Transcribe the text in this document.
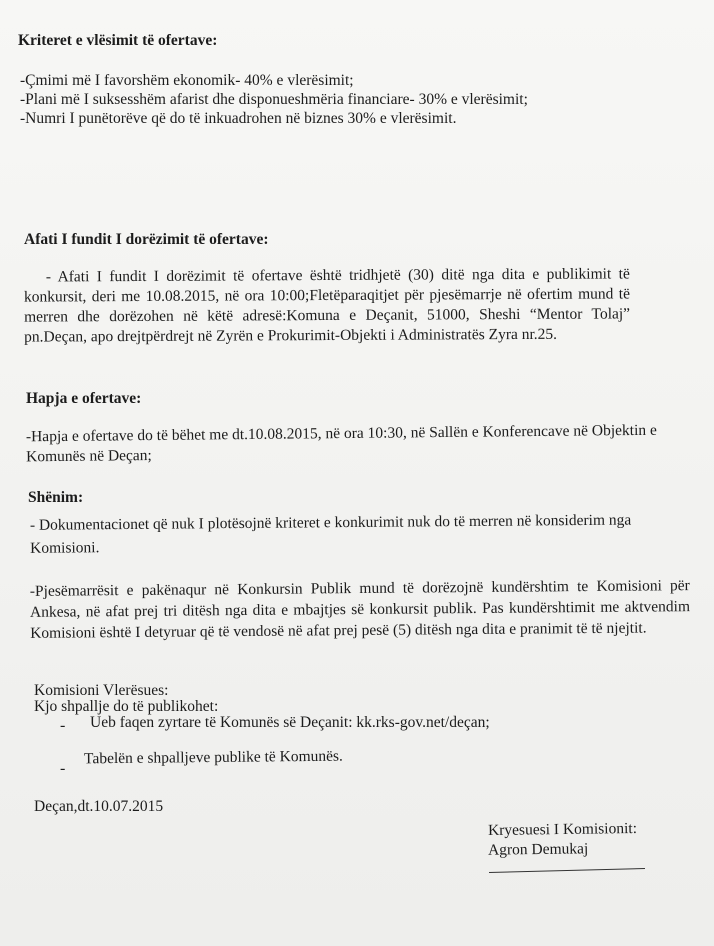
Kriteret e vlësimit të ofertave:
-Çmimi më I favorshëm ekonomik- 40% e vlerësimit;
-Plani më I suksesshëm afarist dhe disponueshmëria financiare- 30% e vlerësimit;
-Numri I punëtorëve që do të inkuadrohen në biznes 30% e vlerësimit.
Afati I fundit I dorëzimit të ofertave:
- Afati I fundit I dorëzimit të ofertave është tridhjetë (30) ditë nga dita e publikimit të konkursit, deri me 10.08.2015, në ora 10:00;Fletëparaqitjet për pjesëmarrje në ofertim mund të merren dhe dorëzohen në këtë adresë:Komuna e Deçanit, 51000, Sheshi “Mentor Tolaj” pn.Deçan, apo drejtpërdrejt në Zyrën e Prokurimit-Objekti i Administratës Zyra nr.25.
Hapja e ofertave:
-Hapja e ofertave do të bëhet me dt.10.08.2015, në ora 10:30, në Sallën e Konferencave në Objektin e Komunës në Deçan;
Shënim:
- Dokumentacionet që nuk I plotësojnë kriteret e konkurimit nuk do të merren në konsiderim nga Komisioni.
-Pjesëmarrësit e pakënaqur në Konkursin Publik mund të dorëzojnë kundërshtim te Komisioni për Ankesa, në afat prej tri ditësh nga dita e mbajtjes së konkursit publik. Pas kundërshtimit me aktvendim Komisioni është I detyruar që të vendosë në afat prej pesë (5) ditësh nga dita e pranimit të të njejtit.
Komisioni Vlerësues:
Kjo shpallje do të publikohet:
- Ueb faqen zyrtare të Komunës së Deçanit: kk.rks-gov.net/deçan;
-
Tabelën e shpalljeve publike të Komunës.
Deçan,dt.10.07.2015
Kryesuesi I Komisionit:
Agron Demukaj
